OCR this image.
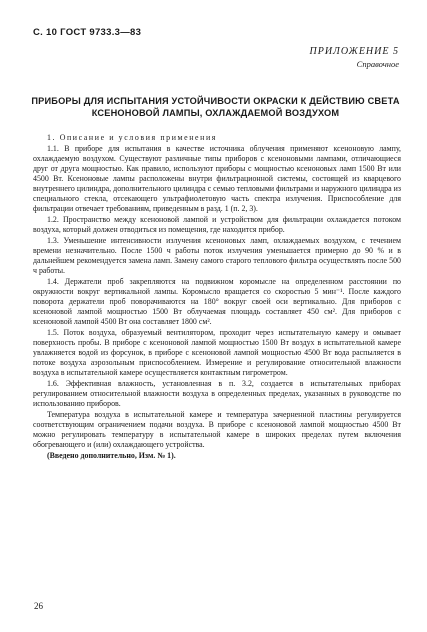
С. 10 ГОСТ 9733.3—83
ПРИЛОЖЕНИЕ 5
Справочное
ПРИБОРЫ ДЛЯ ИСПЫТАНИЯ УСТОЙЧИВОСТИ ОКРАСКИ К ДЕЙСТВИЮ СВЕТА КСЕНОНОВОЙ ЛАМПЫ, ОХЛАЖДАЕМОЙ ВОЗДУХОМ

1. Описание и условия применения

1.1. В приборе для испытания в качестве источника облучения применяют ксеноновую лампу, охлаждаемую воздухом. Существуют различные типы приборов с ксеноновыми лампами, отличающиеся друг от друга мощностью. Как правило, используют приборы с мощностью ксеноновых ламп 1500 Вт или 4500 Вт. Ксеноновые лампы расположены внутри фильтрационной системы, состоящей из кварцевого внутреннего цилиндра, дополнительного цилиндра с семью тепловыми фильтрами и наружного цилиндра из специального стекла, отсекающего ультрафиолетовую часть спектра излучения. Приспособление для фильтрации отвечает требованиям, приведенным в разд. 1 (п. 2, 3).

1.2. Пространство между ксеноновой лампой и устройством для фильтрации охлаждается потоком воздуха, который должен отводиться из помещения, где находится прибор.

1.3. Уменьшение интенсивности излучения ксеноновых ламп, охлаждаемых воздухом, с течением времени незначительно. После 1500 ч работы поток излучения уменьшается примерно до 90 % и в дальнейшем рекомендуется замена ламп. Замену самого старого теплового фильтра осуществлять после 500 ч работы.

1.4. Держатели проб закрепляются на подвижном коромысле на определенном расстоянии по окружности вокруг вертикальной лампы. Коромысло вращается со скоростью 5 мин⁻¹. После каждого поворота держатели проб поворачиваются на 180° вокруг своей оси вертикально. Для приборов с ксеноновой лампой мощностью 1500 Вт облучаемая площадь составляет 450 см². Для приборов с ксеноновой лампой 4500 Вт она составляет 1800 см².

1.5. Поток воздуха, образуемый вентилятором, проходит через испытательную камеру и омывает поверхность пробы. В приборе с ксеноновой лампой мощностью 1500 Вт воздух в испытательной камере увлажняется водой из форсунок, в приборе с ксеноновой лампой мощностью 4500 Вт вода распыляется в потоке воздуха аэрозольным приспособлением. Измерение и регулирование относительной влажности воздуха в испытательной камере осуществляется контактным гигрометром.

1.6. Эффективная влажность, установленная в п. 3.2, создается в испытательных приборах регулированием относительной влажности воздуха в определенных пределах, указанных в руководстве по использованию приборов.

Температура воздуха в испытательной камере и температура зачерненной пластины регулируется соответствующим ограничением подачи воздуха. В приборе с ксеноновой лампой мощностью 4500 Вт можно регулировать температуру в испытательной камере в широких пределах путем включения обогревающего и (или) охлаждающего устройства.

(Введено дополнительно, Изм. № 1).

26
